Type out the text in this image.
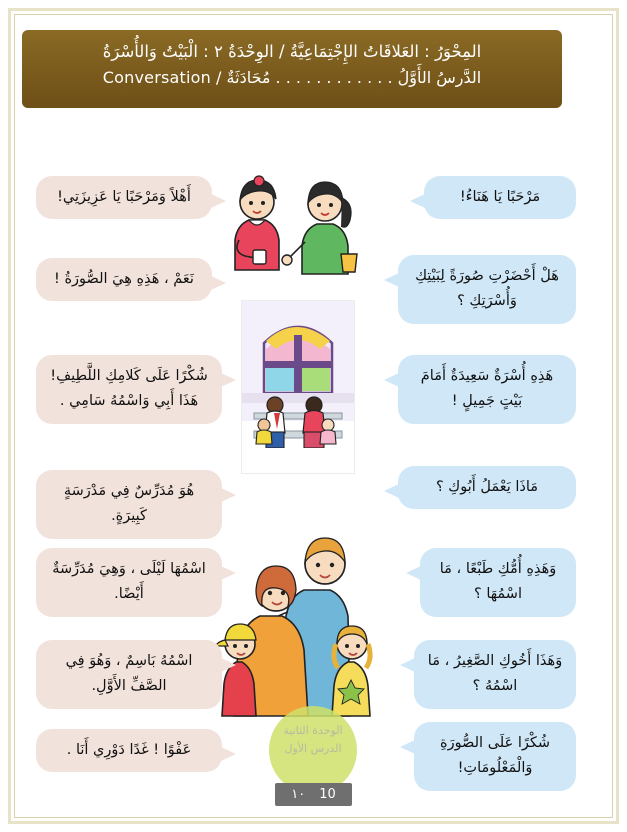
المِحْوَرُ : العَلاقَاتُ الإِجْتِمَاعِيَّةُ / الوِحْدَةُ ٢ : الْبَيْتُ وَالأُسْرَةُ
الدَّرسُ الأَوَّلُ . . . . . . . . . . . . مُحَادَثَةٌ / Conversation
الوحدة الثانية
الدرس الأول
أَهْلاً وَمَرْحَبًا يَا عَزِيزَتِي!	مَرْحَبًا يَا هَنَاءُ!
نَعَمْ ، هَذِهِ هِيَ الصُّورَةُ !	هَلْ أَحْضَرْتِ صُورَةً لِبَيْتِكِ وَأُسْرَتِكِ ؟
شُكْرًا عَلَى كَلامِكِ اللَّطِيفِ! هَذَا أَبِي وَاسْمُهُ سَامِي .
هَذِهِ أُسْرَةٌ سَعِيدَةٌ أَمَامَ بَيْتٍ جَمِيلٍ !
هُوَ مُدَرِّسٌ فِي مَدْرَسَةٍ كَبِيرَةٍ.
مَاذَا يَعْمَلُ أَبُوكِ ؟
اسْمُهَا لَيْلَى ، وَهِيَ مُدَرِّسَةٌ أَيْضًا.
وَهَذِهِ أُمُّكِ طَبْعًا ، مَا اسْمُهَا ؟
اسْمُهُ بَاسِمٌ ، وَهُوَ فِي الصَّفِّ الأَوَّلِ.
وَهَذَا أَخُوكِ الصَّغِيرُ ، مَا اسْمُهُ ؟
عَفْوًا ! غَدًا دَوْرِي أَنَا .	شُكْرًا عَلَى الصُّورَةِ وَالْمَعْلُومَاتِ!
10١٠
